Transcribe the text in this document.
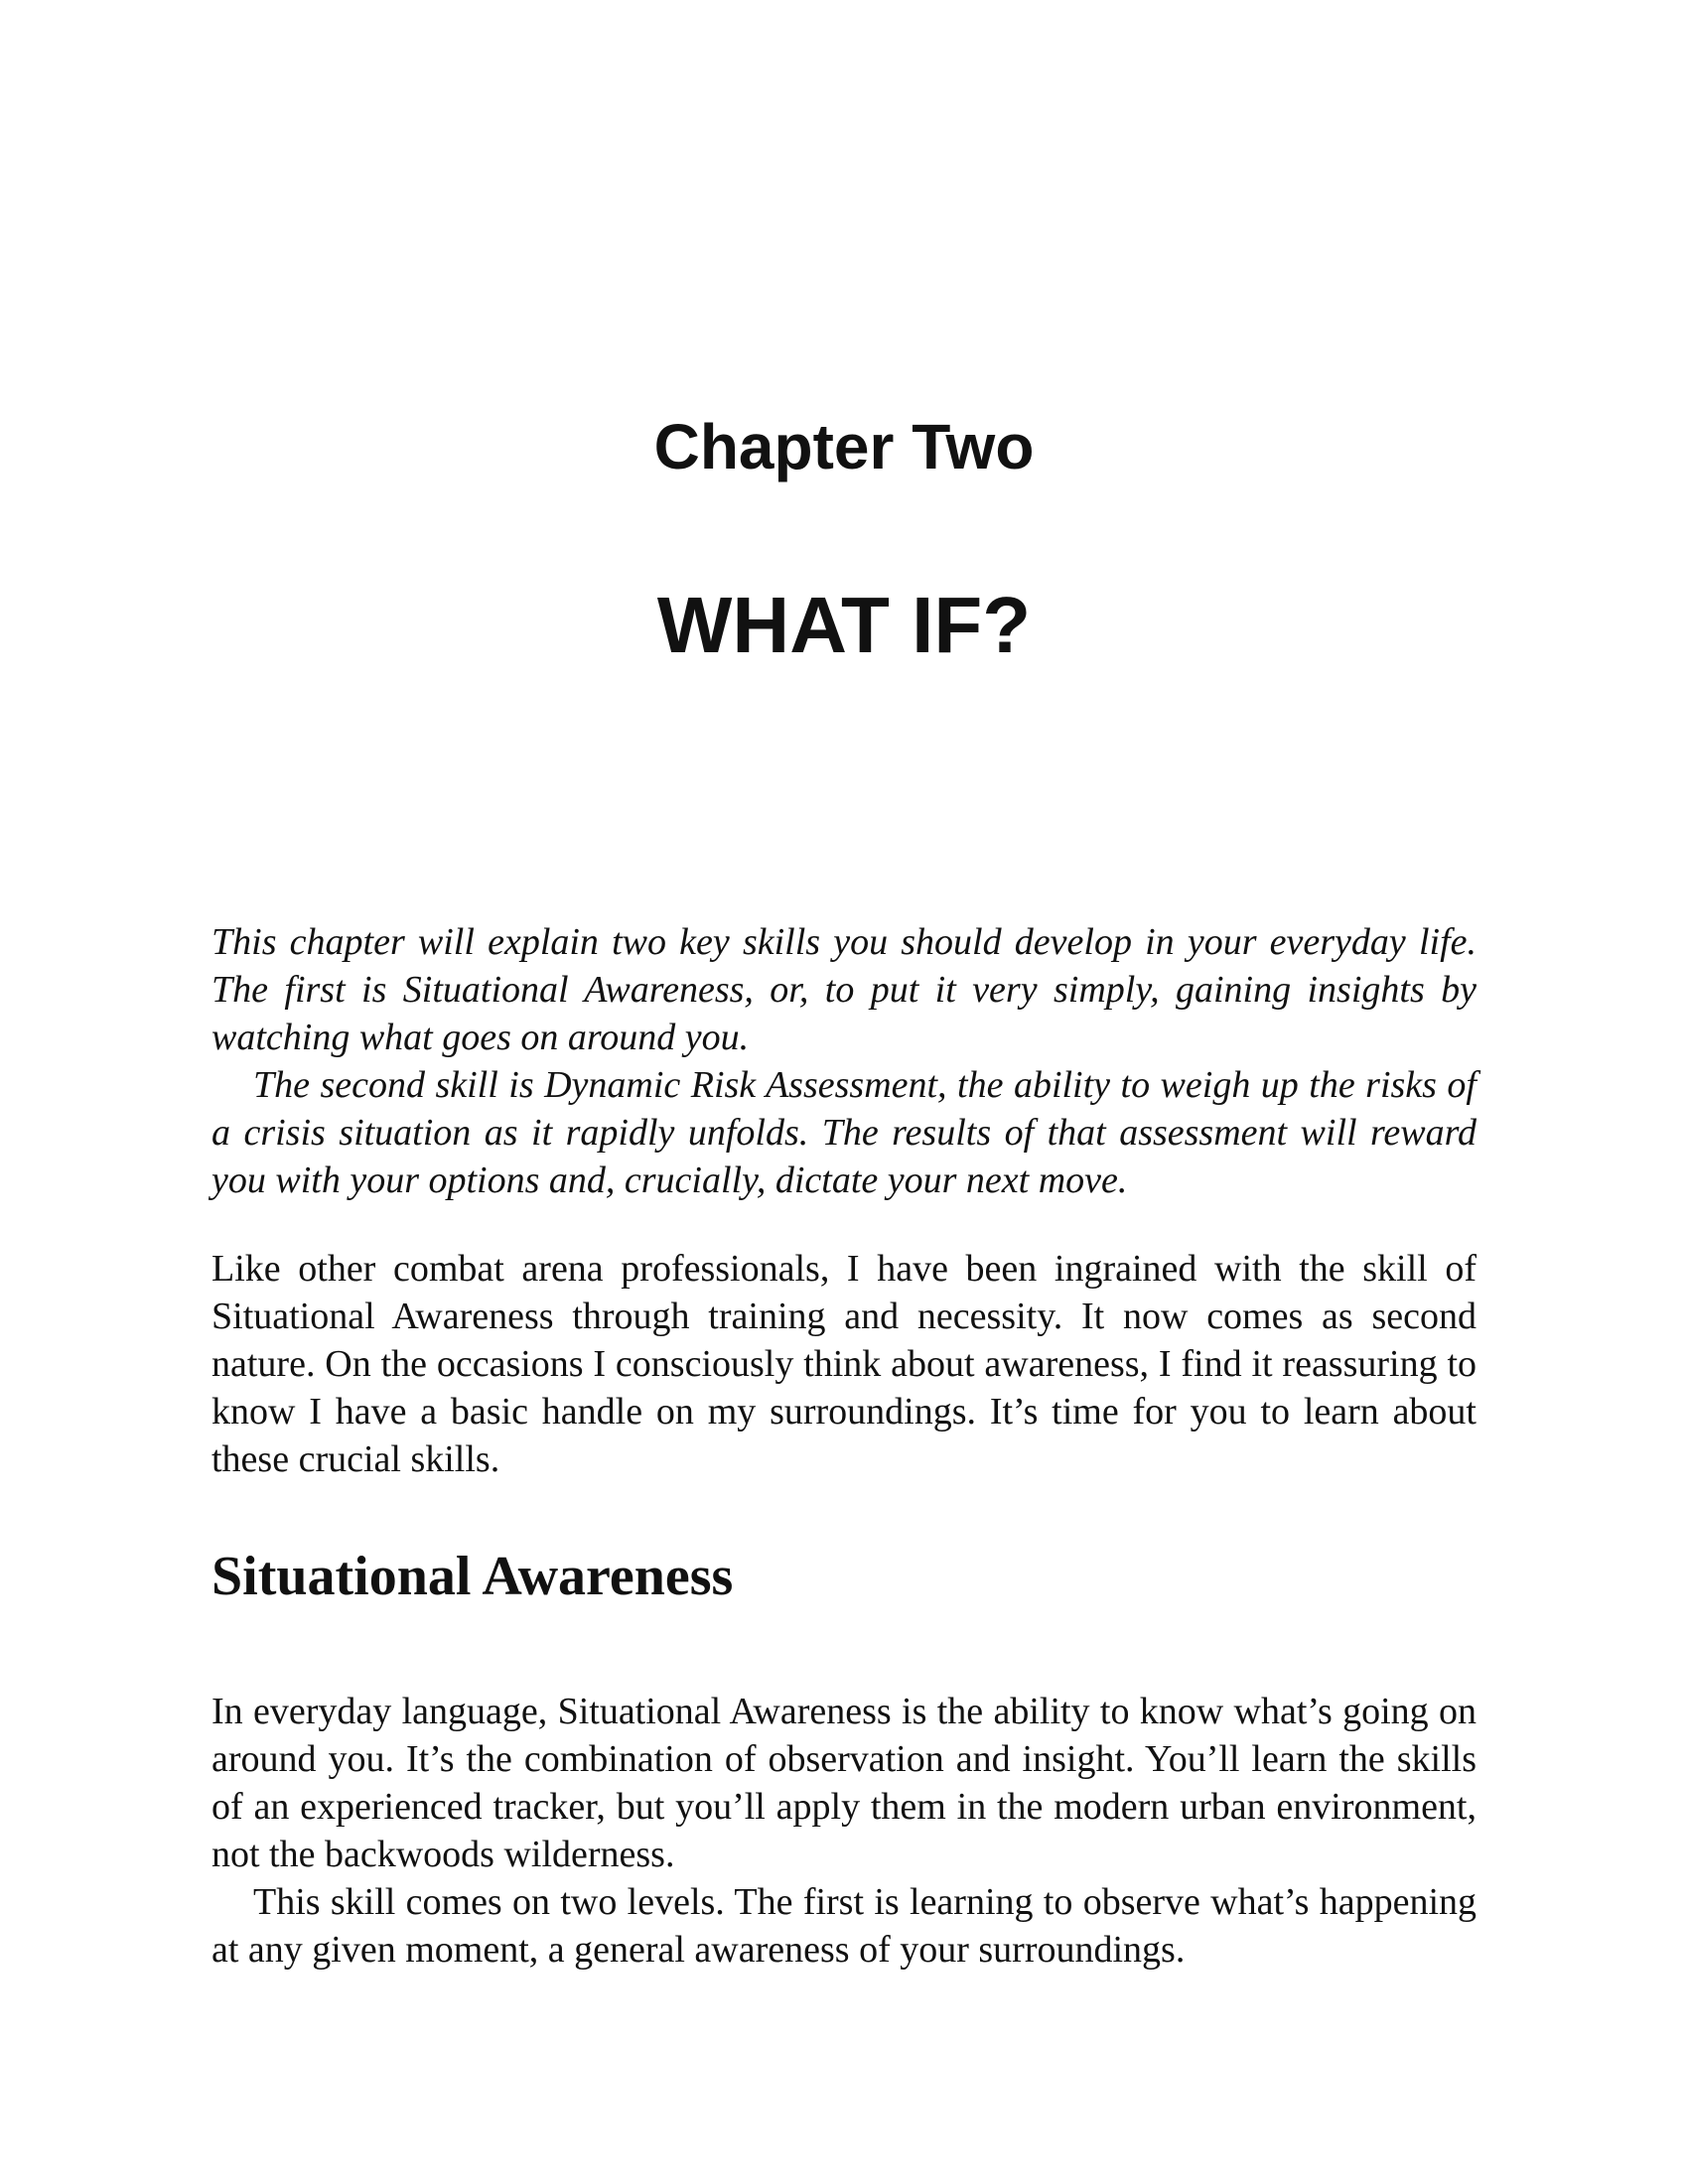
Chapter Two
WHAT IF?

This chapter will explain two key skills you should develop in your everyday life. The first is Situational Awareness, or, to put it very simply, gaining insights by watching what goes on around you.

The second skill is Dynamic Risk Assessment, the ability to weigh up the risks of a crisis situation as it rapidly unfolds. The results of that assessment will reward you with your options and, crucially, dictate your next move.

Like other combat arena professionals, I have been ingrained with the skill of Situational Awareness through training and necessity. It now comes as second nature. On the occasions I consciously think about awareness, I find it reassuring to know I have a basic handle on my surroundings. It’s time for you to learn about these crucial skills.

Situational Awareness

In everyday language, Situational Awareness is the ability to know what’s going on around you. It’s the combination of observation and insight. You’ll learn the skills of an experienced tracker, but you’ll apply them in the modern urban environment, not the backwoods wilderness.

This skill comes on two levels. The first is learning to observe what’s happening at any given moment, a general awareness of your surroundings.
